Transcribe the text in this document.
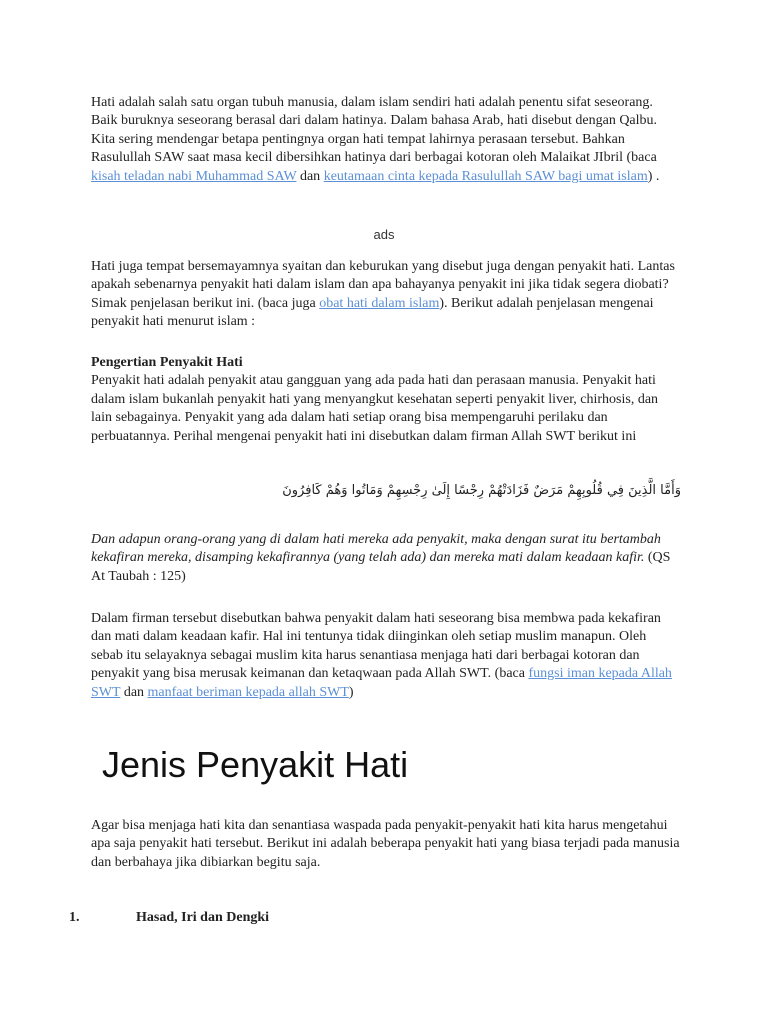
Hati adalah salah satu organ tubuh manusia, dalam islam sendiri hati adalah penentu sifat seseorang. Baik buruknya seseorang berasal dari dalam hatinya. Dalam bahasa Arab, hati disebut dengan Qalbu. Kita sering mendengar betapa pentingnya organ hati tempat lahirnya perasaan tersebut. Bahkan Rasulullah SAW saat masa kecil dibersihkan hatinya dari berbagai kotoran oleh Malaikat JIbril (baca kisah teladan nabi Muhammad SAW dan keutamaan cinta kepada Rasulullah SAW bagi umat islam) .

ads

Hati juga tempat bersemayamnya syaitan dan keburukan yang disebut juga dengan penyakit hati. Lantas apakah sebenarnya penyakit hati dalam islam dan apa bahayanya penyakit ini jika tidak segera diobati? Simak penjelasan berikut ini. (baca juga obat hati dalam islam). Berikut adalah penjelasan mengenai penyakit hati menurut islam :

Pengertian Penyakit Hati
Penyakit hati adalah penyakit atau gangguan yang ada pada hati dan perasaan manusia. Penyakit hati dalam islam bukanlah penyakit hati yang menyangkut kesehatan seperti penyakit liver, chirhosis, dan lain sebagainya. Penyakit yang ada dalam hati setiap orang bisa mempengaruhi perilaku dan perbuatannya. Perihal mengenai penyakit hati ini disebutkan dalam firman Allah SWT berikut ini

وَأَمَّا الَّذِينَ فِي قُلُوبِهِمْ مَرَضٌ فَزَادَتْهُمْ رِجْسًا إِلَىٰ رِجْسِهِمْ وَمَاتُوا وَهُمْ كَافِرُونَ

Dan adapun orang-orang yang di dalam hati mereka ada penyakit, maka dengan surat itu bertambah kekafiran mereka, disamping kekafirannya (yang telah ada) dan mereka mati dalam keadaan kafir. (QS At Taubah : 125)

Dalam firman tersebut disebutkan bahwa penyakit dalam hati seseorang bisa membwa pada kekafiran dan mati dalam keadaan kafir. Hal ini tentunya tidak diinginkan oleh setiap muslim manapun. Oleh sebab itu selayaknya sebagai muslim kita harus senantiasa menjaga hati dari berbagai kotoran dan penyakit yang bisa merusak keimanan dan ketaqwaan pada Allah SWT. (baca fungsi iman kepada Allah SWT dan manfaat beriman kepada allah SWT)

Jenis Penyakit Hati

Agar bisa menjaga hati kita dan senantiasa waspada pada penyakit-penyakit hati kita harus mengetahui apa saja penyakit hati tersebut. Berikut ini adalah beberapa penyakit hati yang biasa terjadi pada manusia dan berbahaya jika dibiarkan begitu saja.

1.	Hasad, Iri dan Dengki
